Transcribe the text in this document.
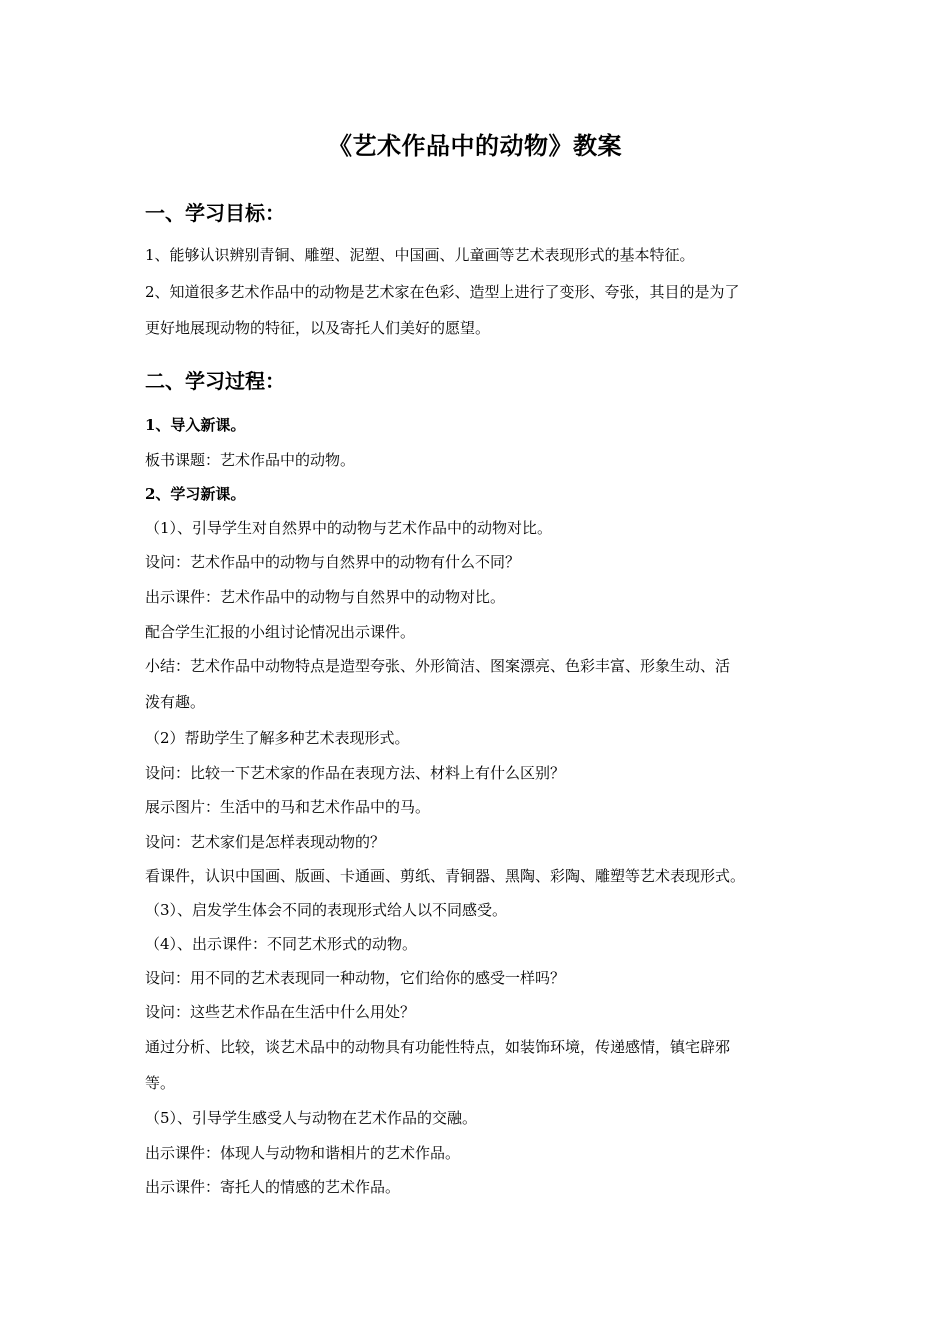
《艺术作品中的动物》教案
一、学习目标：
1、能够认识辨别青铜、雕塑、泥塑、中国画、儿童画等艺术表现形式的基本特征。
2、知道很多艺术作品中的动物是艺术家在色彩、造型上进行了变形、夸张，其目的是为了
更好地展现动物的特征，以及寄托人们美好的愿望。
二、学习过程：
1、导入新课。
板书课题：艺术作品中的动物。
2、学习新课。
（1）、引导学生对自然界中的动物与艺术作品中的动物对比。
设问：艺术作品中的动物与自然界中的动物有什么不同？
出示课件：艺术作品中的动物与自然界中的动物对比。
配合学生汇报的小组讨论情况出示课件。
小结：艺术作品中动物特点是造型夸张、外形简洁、图案漂亮、色彩丰富、形象生动、活
泼有趣。
（2）帮助学生了解多种艺术表现形式。
设问：比较一下艺术家的作品在表现方法、材料上有什么区别？
展示图片：生活中的马和艺术作品中的马。
设问：艺术家们是怎样表现动物的？
看课件，认识中国画、版画、卡通画、剪纸、青铜器、黑陶、彩陶、雕塑等艺术表现形式。
（3）、启发学生体会不同的表现形式给人以不同感受。
（4）、出示课件：不同艺术形式的动物。
设问：用不同的艺术表现同一种动物，它们给你的感受一样吗？
设问：这些艺术作品在生活中什么用处？
通过分析、比较，谈艺术品中的动物具有功能性特点，如装饰环境，传递感情，镇宅辟邪
等。
（5）、引导学生感受人与动物在艺术作品的交融。
出示课件：体现人与动物和谐相片的艺术作品。
出示课件：寄托人的情感的艺术作品。
